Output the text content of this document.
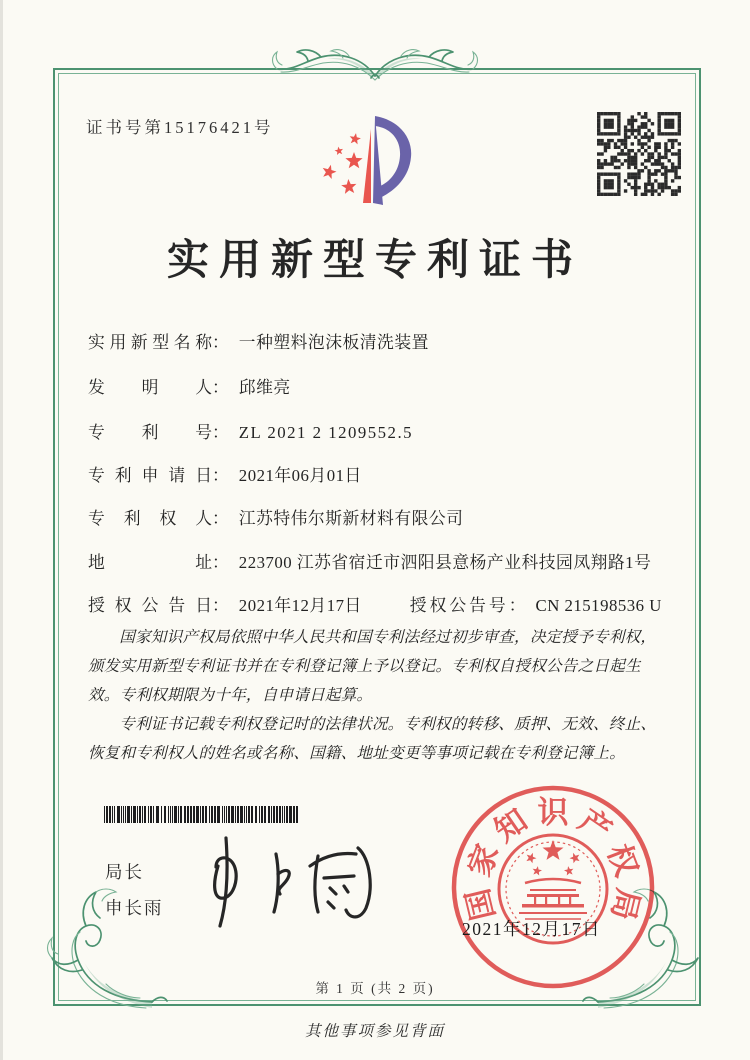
证书号第15176421号
实用新型专利证书
实用新型名称： 一种塑料泡沫板清洗装置
发明人： 邱维亮
专利号： ZL 2021 2 1209552.5
专利申请日： 2021年06月01日
专利权人： 江苏特伟尔斯新材料有限公司
地址： 223700 江苏省宿迁市泗阳县意杨产业科技园凤翔路1号
授权公告日： 2021年12月17日	授权公告号： CN 215198536 U

国家知识产权局依照中华人民共和国专利法经过初步审查，决定授予专利权，颁发实用新型专利证书并在专利登记簿上予以登记。专利权自授权公告之日起生效。专利权期限为十年，自申请日起算。

专利证书记载专利权登记时的法律状况。专利权的转移、质押、无效、终止、恢复和专利权人的姓名或名称、国籍、地址变更等事项记载在专利登记簿上。

局长
申长雨	国家知识产权局
2021年12月17日
第 1 页 (共 2 页)
其他事项参见背面
